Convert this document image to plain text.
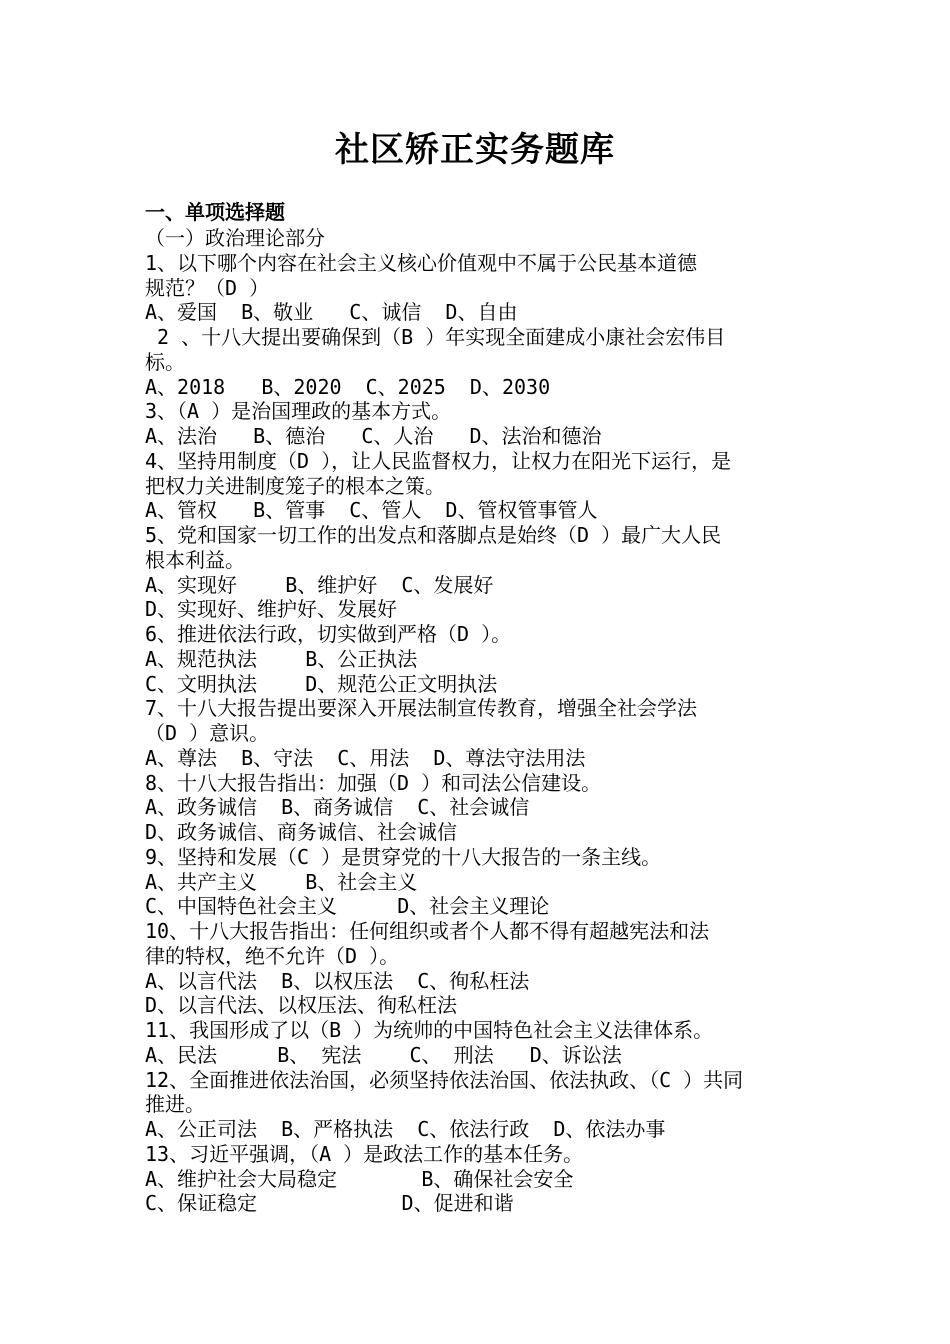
社区矫正实务题库
一、单项选择题
（一）政治理论部分
1、以下哪个内容在社会主义核心价值观中不属于公民基本道德
规范？（D ）
A、爱国  B、敬业   C、诚信  D、自由
2 、十八大提出要确保到（B ）年实现全面建成小康社会宏伟目
标。
A、2018   B、2020  C、2025  D、2030
3、（A ）是治国理政的基本方式。
A、法治   B、德治   C、人治   D、法治和德治
4、坚持用制度（D ），让人民监督权力，让权力在阳光下运行，是
把权力关进制度笼子的根本之策。
A、管权   B、管事  C、管人  D、管权管事管人
5、党和国家一切工作的出发点和落脚点是始终（D ）最广大人民
根本利益。
A、实现好    B、维护好  C、发展好
D、实现好、维护好、发展好
6、推进依法行政，切实做到严格（D ）。
A、规范执法    B、公正执法
C、文明执法    D、规范公正文明执法
7、十八大报告提出要深入开展法制宣传教育，增强全社会学法
（D ）意识。
A、尊法  B、守法  C、用法  D、尊法守法用法
8、十八大报告指出：加强（D ）和司法公信建设。
A、政务诚信  B、商务诚信  C、社会诚信
D、政务诚信、商务诚信、社会诚信
9、坚持和发展（C ）是贯穿党的十八大报告的一条主线。
A、共产主义    B、社会主义
C、中国特色社会主义     D、社会主义理论
10、十八大报告指出：任何组织或者个人都不得有超越宪法和法
律的特权，绝不允许（D ）。
A、以言代法  B、以权压法  C、徇私枉法
D、以言代法、以权压法、徇私枉法
11、我国形成了以（B ）为统帅的中国特色社会主义法律体系。
A、民法     B、 宪法    C、 刑法   D、诉讼法
12、全面推进依法治国，必须坚持依法治国、依法执政、（C ）共同
推进。
A、公正司法  B、严格执法  C、依法行政  D、依法办事
13、习近平强调，（A ）是政法工作的基本任务。
A、维护社会大局稳定       B、确保社会安全
C、保证稳定            D、促进和谐
